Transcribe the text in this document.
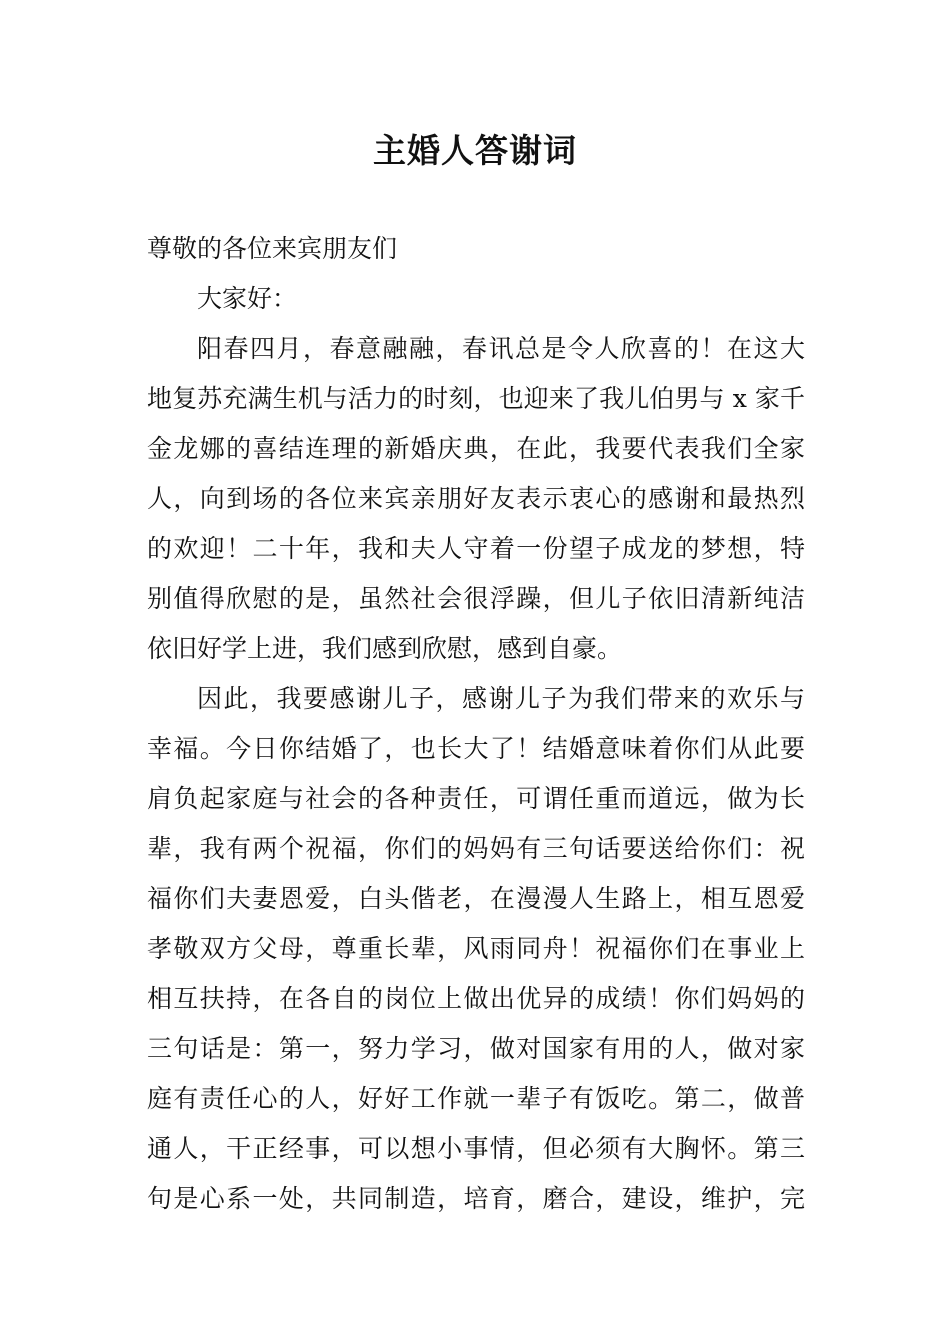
主婚人答谢词

尊敬的各位来宾朋友们

大家好：

阳春四月，春意融融，春讯总是令人欣喜的！在这大
地复苏充满生机与活力的时刻，也迎来了我儿伯男与 x 家千
金龙娜的喜结连理的新婚庆典，在此，我要代表我们全家
人，向到场的各位来宾亲朋好友表示衷心的感谢和最热烈
的欢迎！二十年，我和夫人守着一份望子成龙的梦想，特
别值得欣慰的是，虽然社会很浮躁，但儿子依旧清新纯洁
依旧好学上进，我们感到欣慰，感到自豪。

因此，我要感谢儿子，感谢儿子为我们带来的欢乐与
幸福。今日你结婚了，也长大了！结婚意味着你们从此要
肩负起家庭与社会的各种责任，可谓任重而道远，做为长
辈，我有两个祝福，你们的妈妈有三句话要送给你们：祝
福你们夫妻恩爱，白头偕老，在漫漫人生路上，相互恩爱
孝敬双方父母，尊重长辈，风雨同舟！祝福你们在事业上
相互扶持，在各自的岗位上做出优异的成绩！你们妈妈的
三句话是：第一，努力学习，做对国家有用的人，做对家
庭有责任心的人，好好工作就一辈子有饭吃。第二，做普
通人，干正经事，可以想小事情，但必须有大胸怀。第三
句是心系一处，共同制造，培育，磨合，建设，维护，完
